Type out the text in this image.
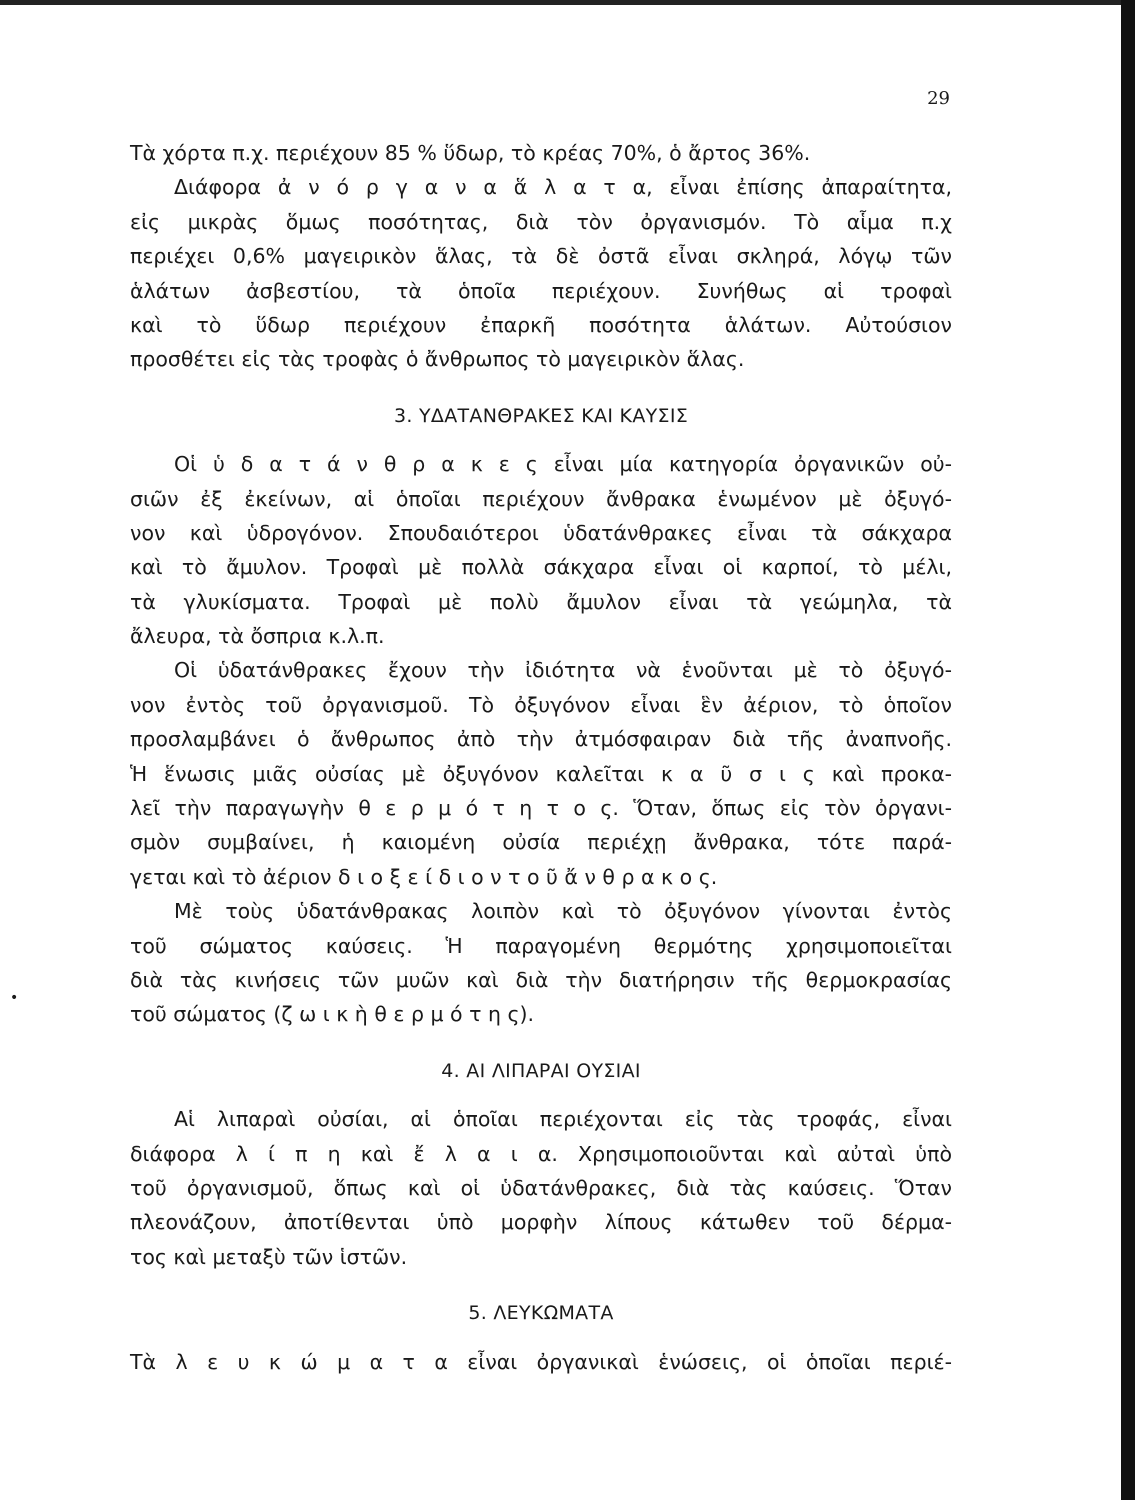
29
•
Τὰ χόρτα π.χ. περιέχουν 85 % ὕδωρ, τὸ κρέας 70%, ὁ ἄρτος 36%.
Διάφορα ἀ ν ό ρ γ α ν α ἅ λ α τ α, εἶναι ἐπίσης ἀπαραίτητα,
εἰς μικρὰς ὅμως ποσότητας, διὰ τὸν ὀργανισμόν. Τὸ αἷμα π.χ
περιέχει 0,6% μαγειρικὸν ἅλας, τὰ δὲ ὀστᾶ εἶναι σκληρά, λόγῳ τῶν
ἁλάτων ἀσβεστίου, τὰ ὁποῖα περιέχουν. Συνήθως αἱ τροφαὶ
καὶ τὸ ὕδωρ περιέχουν ἐπαρκῆ ποσότητα ἁλάτων. Αὐτούσιον
προσθέτει εἰς τὰς τροφὰς ὁ ἄνθρωπος τὸ μαγειρικὸν ἅλας.
3. ΥΔΑΤΑΝΘΡΑΚΕΣ ΚΑΙ ΚΑΥΣΙΣ
Οἱ ὑ δ α τ ά ν θ ρ α κ ε ς εἶναι μία κατηγορία ὀργανικῶν οὐ-
σιῶν ἐξ ἐκείνων, αἱ ὁποῖαι περιέχουν ἄνθρακα ἑνωμένον μὲ ὀξυγό-
νον καὶ ὑδρογόνον. Σπουδαιότεροι ὑδατάνθρακες εἶναι τὰ σάκχαρα
καὶ τὸ ἄμυλον. Τροφαὶ μὲ πολλὰ σάκχαρα εἶναι οἱ καρποί, τὸ μέλι,
τὰ γλυκίσματα. Τροφαὶ μὲ πολὺ ἄμυλον εἶναι τὰ γεώμηλα, τὰ
ἄλευρα, τὰ ὄσπρια κ.λ.π.
Οἱ ὑδατάνθρακες ἔχουν τὴν ἰδιότητα νὰ ἑνοῦνται μὲ τὸ ὀξυγό-
νον ἐντὸς τοῦ ὀργανισμοῦ. Τὸ ὀξυγόνον εἶναι ἓν ἀέριον, τὸ ὁποῖον
προσλαμβάνει ὁ ἄνθρωπος ἀπὸ τὴν ἀτμόσφαιραν διὰ τῆς ἀναπνοῆς.
Ἡ ἕνωσις μιᾶς οὐσίας μὲ ὀξυγόνον καλεῖται κ α ῦ σ ι ς καὶ προκα-
λεῖ τὴν παραγωγὴν θ ε ρ μ ό τ η τ ο ς. Ὅταν, ὅπως εἰς τὸν ὀργανι-
σμὸν συμβαίνει, ἡ καιομένη οὐσία περιέχῃ ἄνθρακα, τότε παρά-
γεται καὶ τὸ ἀέριον δ ι ο ξ ε ί δ ι ο ν τ ο ῦ ἄ ν θ ρ α κ ο ς.
Μὲ τοὺς ὑδατάνθρακας λοιπὸν καὶ τὸ ὀξυγόνον γίνονται ἐντὸς
τοῦ σώματος καύσεις. Ἡ παραγομένη θερμότης χρησιμοποιεῖται
διὰ τὰς κινήσεις τῶν μυῶν καὶ διὰ τὴν διατήρησιν τῆς θερμοκρασίας
τοῦ σώματος (ζ ω ι κ ὴ θ ε ρ μ ό τ η ς).
4. ΑΙ ΛΙΠΑΡΑΙ ΟΥΣΙΑΙ
Αἱ λιπαραὶ οὐσίαι, αἱ ὁποῖαι περιέχονται εἰς τὰς τροφάς, εἶναι
διάφορα λ ί π η καὶ ἔ λ α ι α. Χρησιμοποιοῦνται καὶ αὐταὶ ὑπὸ
τοῦ ὀργανισμοῦ, ὅπως καὶ οἱ ὑδατάνθρακες, διὰ τὰς καύσεις. Ὅταν
πλεονάζουν, ἀποτίθενται ὑπὸ μορφὴν λίπους κάτωθεν τοῦ δέρμα-
τος καὶ μεταξὺ τῶν ἱστῶν.
5. ΛΕΥΚΩΜΑΤΑ
Τὰ λ ε υ κ ώ μ α τ α εἶναι ὀργανικαὶ ἑνώσεις, οἱ ὁποῖαι περιέ-
